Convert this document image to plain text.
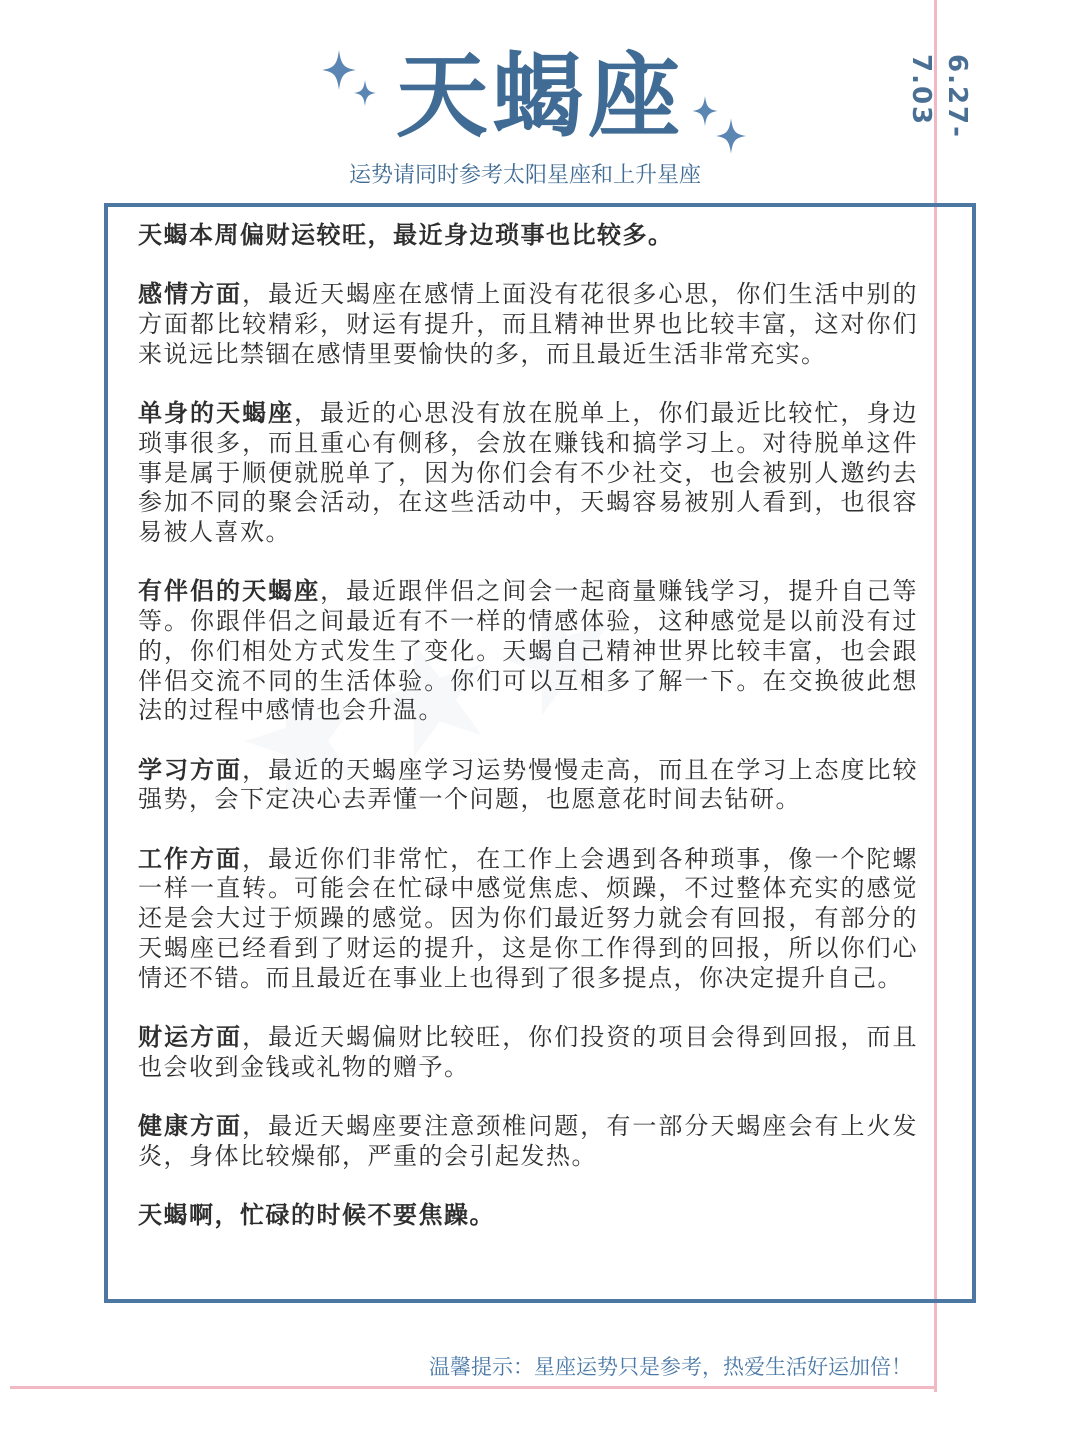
天蝎座
运势请同时参考太阳星座和上升星座
6.27-7.03

天蝎本周偏财运较旺，最近身边琐事也比较多。

感情方面，最近天蝎座在感情上面没有花很多心思，你们生活中别的方面都比较精彩，财运有提升，而且精神世界也比较丰富，这对你们来说远比禁锢在感情里要愉快的多，而且最近生活非常充实。

单身的天蝎座，最近的心思没有放在脱单上，你们最近比较忙，身边琐事很多，而且重心有侧移，会放在赚钱和搞学习上。对待脱单这件事是属于顺便就脱单了，因为你们会有不少社交，也会被别人邀约去参加不同的聚会活动，在这些活动中，天蝎容易被别人看到，也很容易被人喜欢。

有伴侣的天蝎座，最近跟伴侣之间会一起商量赚钱学习，提升自己等等。你跟伴侣之间最近有不一样的情感体验，这种感觉是以前没有过的，你们相处方式发生了变化。天蝎自己精神世界比较丰富，也会跟伴侣交流不同的生活体验。你们可以互相多了解一下。在交换彼此想法的过程中感情也会升温。

学习方面，最近的天蝎座学习运势慢慢走高，而且在学习上态度比较强势，会下定决心去弄懂一个问题，也愿意花时间去钻研。

工作方面，最近你们非常忙，在工作上会遇到各种琐事，像一个陀螺一样一直转。可能会在忙碌中感觉焦虑、烦躁，不过整体充实的感觉还是会大过于烦躁的感觉。因为你们最近努力就会有回报，有部分的天蝎座已经看到了财运的提升，这是你工作得到的回报，所以你们心情还不错。而且最近在事业上也得到了很多提点，你决定提升自己。

财运方面，最近天蝎偏财比较旺，你们投资的项目会得到回报，而且也会收到金钱或礼物的赠予。

健康方面，最近天蝎座要注意颈椎问题，有一部分天蝎座会有上火发炎，身体比较燥郁，严重的会引起发热。

天蝎啊，忙碌的时候不要焦躁。

温馨提示：星座运势只是参考，热爱生活好运加倍！
